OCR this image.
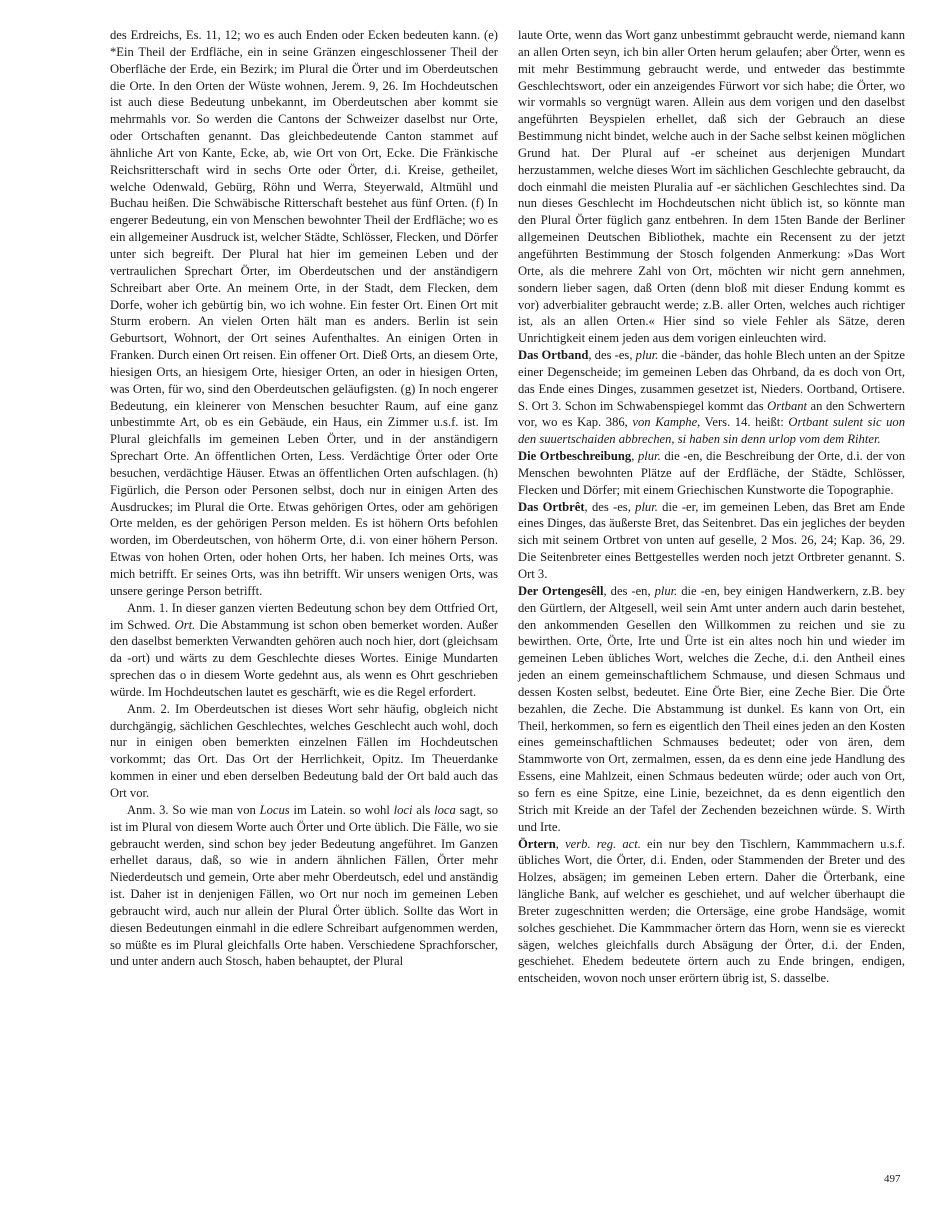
des Erdreichs, Es. 11, 12; wo es auch Enden oder Ecken bedeuten kann. (e) *Ein Theil der Erdfläche, ein in seine Gränzen eingeschlossener Theil der Oberfläche der Erde, ein Bezirk; im Plural die Örter und im Oberdeutschen die Orte. In den Orten der Wüste wohnen, Jerem. 9, 26. Im Hochdeutschen ist auch diese Bedeutung unbekannt, im Oberdeutschen aber kommt sie mehrmahls vor. So werden die Cantons der Schweizer daselbst nur Orte, oder Ortschaften genannt. Das gleichbedeutende Canton stammet auf ähnliche Art von Kante, Ecke, ab, wie Ort von Ort, Ecke. Die Fränkische Reichsritterschaft wird in sechs Orte oder Örter, d.i. Kreise, getheilet, welche Odenwald, Gebürg, Röhn und Werra, Steyerwald, Altmühl und Buchau heißen. Die Schwäbische Ritterschaft bestehet aus fünf Orten. (f) In engerer Bedeutung, ein von Menschen bewohnter Theil der Erdfläche; wo es ein allgemeiner Ausdruck ist, welcher Städte, Schlösser, Flecken, und Dörfer unter sich begreift. Der Plural hat hier im gemeinen Leben und der vertraulichen Sprechart Örter, im Oberdeutschen und der anständigern Schreibart aber Orte. An meinem Orte, in der Stadt, dem Flecken, dem Dorfe, woher ich gebürtig bin, wo ich wohne. Ein fester Ort. Einen Ort mit Sturm erobern. An vielen Orten hält man es anders. Berlin ist sein Geburtsort, Wohnort, der Ort seines Aufenthaltes. An einigen Orten in Franken. Durch einen Ort reisen. Ein offener Ort. Dieß Orts, an diesem Orte, hiesigen Orts, an hiesigem Orte, hiesiger Orten, an oder in hiesigen Orten, was Orten, für wo, sind den Oberdeutschen geläufigsten. (g) In noch engerer Bedeutung, ein kleinerer von Menschen besuchter Raum, auf eine ganz unbestimmte Art, ob es ein Gebäude, ein Haus, ein Zimmer u.s.f. ist. Im Plural gleichfalls im gemeinen Leben Örter, und in der anständigern Sprechart Orte. An öffentlichen Orten, Less. Verdächtige Örter oder Orte besuchen, verdächtige Häuser. Etwas an öffentlichen Orten aufschlagen. (h) Figürlich, die Person oder Personen selbst, doch nur in einigen Arten des Ausdruckes; im Plural die Orte. Etwas gehörigen Ortes, oder am gehörigen Orte melden, es der gehörigen Person melden. Es ist höhern Orts befohlen worden, im Oberdeutschen, von höherm Orte, d.i. von einer höhern Person. Etwas von hohen Orten, oder hohen Orts, her haben. Ich meines Orts, was mich betrifft. Er seines Orts, was ihn betrifft. Wir unsers wenigen Orts, was unsere geringe Person betrifft.

Anm. 1. In dieser ganzen vierten Bedeutung schon bey dem Ottfried Ort, im Schwed. Ort. Die Abstammung ist schon oben bemerket worden. Außer den daselbst bemerkten Verwandten gehören auch noch hier, dort (gleichsam da -ort) und wärts zu dem Geschlechte dieses Wortes. Einige Mundarten sprechen das o in diesem Worte gedehnt aus, als wenn es Ohrt geschrieben würde. Im Hochdeutschen lautet es geschärft, wie es die Regel erfordert.

Anm. 2. Im Oberdeutschen ist dieses Wort sehr häufig, obgleich nicht durchgängig, sächlichen Geschlechtes, welches Geschlecht auch wohl, doch nur in einigen oben bemerkten einzelnen Fällen im Hochdeutschen vorkommt; das Ort. Das Ort der Herrlichkeit, Opitz. Im Theuerdanke kommen in einer und eben derselben Bedeutung bald der Ort bald auch das Ort vor.

Anm. 3. So wie man von Locus im Latein. so wohl loci als loca sagt, so ist im Plural von diesem Worte auch Örter und Orte üblich. Die Fälle, wo sie gebraucht werden, sind schon bey jeder Bedeutung angeführet. Im Ganzen erhellet daraus, daß, so wie in andern ähnlichen Fällen, Örter mehr Niederdeutsch und gemein, Orte aber mehr Oberdeutsch, edel und anständig ist. Daher ist in denjenigen Fällen, wo Ort nur noch im gemeinen Leben gebraucht wird, auch nur allein der Plural Örter üblich. Sollte das Wort in diesen Bedeutungen einmahl in die edlere Schreibart aufgenommen werden, so müßte es im Plural gleichfalls Orte haben. Verschiedene Sprachforscher, und unter andern auch Stosch, haben behauptet, der Plural

laute Orte, wenn das Wort ganz unbestimmt gebraucht werde, niemand kann an allen Orten seyn, ich bin aller Orten herum gelaufen; aber Örter, wenn es mit mehr Bestimmung gebraucht werde, und entweder das bestimmte Geschlechtswort, oder ein anzeigendes Fürwort vor sich habe; die Örter, wo wir vormahls so vergnügt waren. Allein aus dem vorigen und den daselbst angeführten Beyspielen erhellet, daß sich der Gebrauch an diese Bestimmung nicht bindet, welche auch in der Sache selbst keinen möglichen Grund hat. Der Plural auf -er scheinet aus derjenigen Mundart herzustammen, welche dieses Wort im sächlichen Geschlechte gebraucht, da doch einmahl die meisten Pluralia auf -er sächlichen Geschlechtes sind. Da nun dieses Geschlecht im Hochdeutschen nicht üblich ist, so könnte man den Plural Örter füglich ganz entbehren. In dem 15ten Bande der Berliner allgemeinen Deutschen Bibliothek, machte ein Recensent zu der jetzt angeführten Bestimmung der Stosch folgenden Anmerkung: »Das Wort Orte, als die mehrere Zahl von Ort, möchten wir nicht gern annehmen, sondern lieber sagen, daß Orten (denn bloß mit dieser Endung kommt es vor) adverbialiter gebraucht werde; z.B. aller Orten, welches auch richtiger ist, als an allen Orten.« Hier sind so viele Fehler als Sätze, deren Unrichtigkeit einem jeden aus dem vorigen einleuchten wird.

Das Ortband, des -es, plur. die -bänder, das hohle Blech unten an der Spitze einer Degenscheide; im gemeinen Leben das Ohrband, da es doch von Ort, das Ende eines Dinges, zusammen gesetzet ist, Nieders. Oortband, Ortisere. S. Ort 3. Schon im Schwabenspiegel kommt das Ortbant an den Schwertern vor, wo es Kap. 386, von Kamphe, Vers. 14. heißt: Ortbant sulent sic uon den suuertschaiden abbrechen, si haben sin denn urlop vom dem Rihter.

Die Ortbeschreibung, plur. die -en, die Beschreibung der Orte, d.i. der von Menschen bewohnten Plätze auf der Erdfläche, der Städte, Schlösser, Flecken und Dörfer; mit einem Griechischen Kunstworte die Topographie.

Das Ortbrêt, des -es, plur. die -er, im gemeinen Leben, das Bret am Ende eines Dinges, das äußerste Bret, das Seitenbret. Das ein jegliches der beyden sich mit seinem Ortbret von unten auf geselle, 2 Mos. 26, 24; Kap. 36, 29. Die Seitenbreter eines Bettgestelles werden noch jetzt Ortbreter genannt. S. Ort 3.

Der Ortengesêll, des -en, plur. die -en, bey einigen Handwerkern, z.B. bey den Gürtlern, der Altgesell, weil sein Amt unter andern auch darin bestehet, den ankommenden Gesellen den Willkommen zu reichen und sie zu bewirthen. Orte, Örte, Irte und Ürte ist ein altes noch hin und wieder im gemeinen Leben übliches Wort, welches die Zeche, d.i. den Antheil eines jeden an einem gemeinschaftlichem Schmause, und diesen Schmaus und dessen Kosten selbst, bedeutet. Eine Örte Bier, eine Zeche Bier. Die Örte bezahlen, die Zeche. Die Abstammung ist dunkel. Es kann von Ort, ein Theil, herkommen, so fern es eigentlich den Theil eines jeden an den Kosten eines gemeinschaftlichen Schmauses bedeutet; oder von ären, dem Stammworte von Ort, zermalmen, essen, da es denn eine jede Handlung des Essens, eine Mahlzeit, einen Schmaus bedeuten würde; oder auch von Ort, so fern es eine Spitze, eine Linie, bezeichnet, da es denn eigentlich den Strich mit Kreide an der Tafel der Zechenden bezeichnen würde. S. Wirth und Irte.

Örtern, verb. reg. act. ein nur bey den Tischlern, Kammmachern u.s.f. übliches Wort, die Örter, d.i. Enden, oder Stammenden der Breter und des Holzes, absägen; im gemeinen Leben ertern. Daher die Örterbank, eine längliche Bank, auf welcher es geschiehet, und auf welcher überhaupt die Breter zugeschnitten werden; die Ortersäge, eine grobe Handsäge, womit solches geschiehet. Die Kammmacher örtern das Horn, wenn sie es viereckt sägen, welches gleichfalls durch Absägung der Örter, d.i. der Enden, geschiehet. Ehedem bedeutete örtern auch zu Ende bringen, endigen, entscheiden, wovon noch unser erörtern übrig ist, S. dasselbe.

497
